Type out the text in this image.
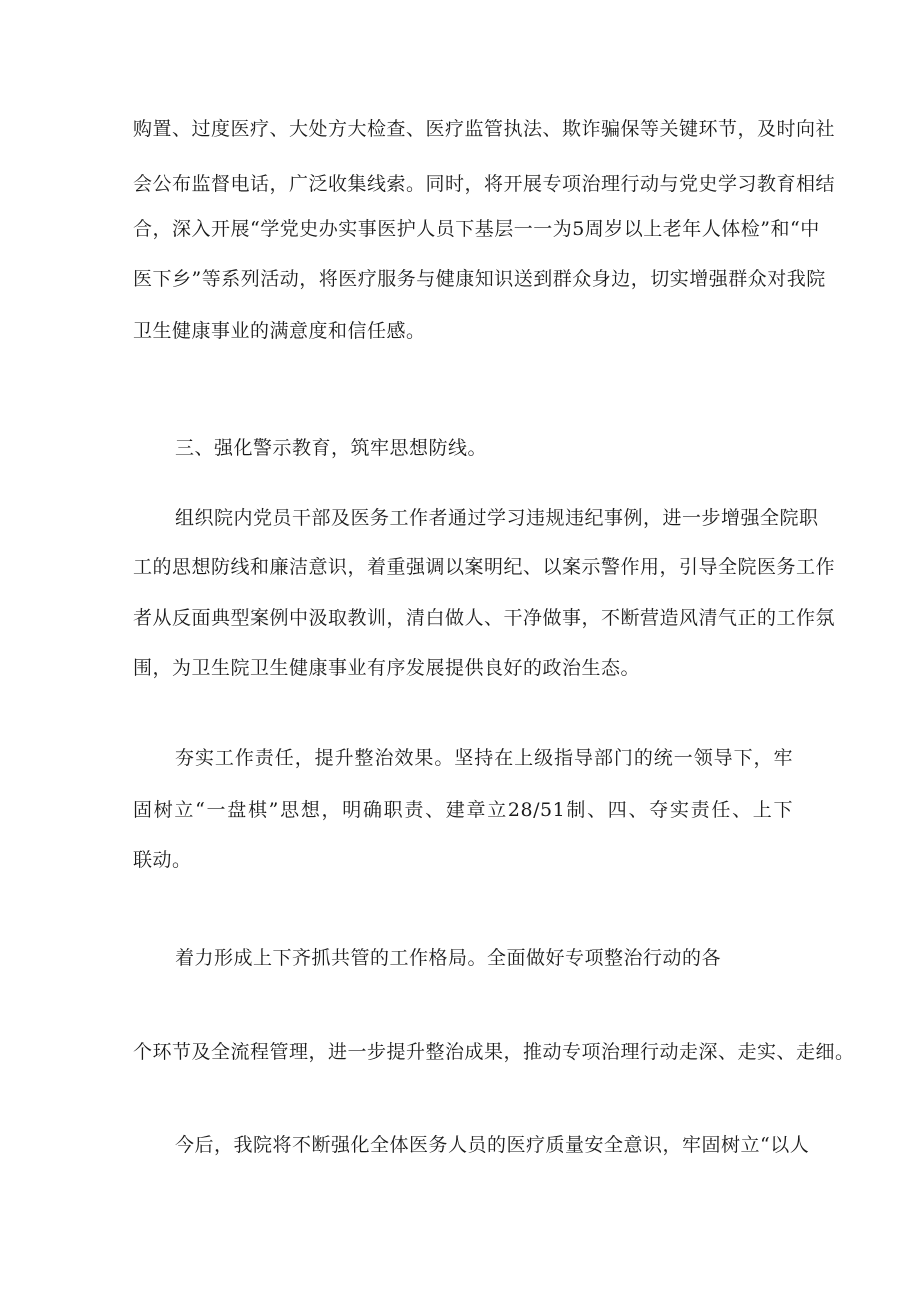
购置、过度医疗、大处方大检查、医疗监管执法、欺诈骗保等关键环节，及时向社
会公布监督电话，广泛收集线索。同时，将开展专项治理行动与党史学习教育相结
合，深入开展“学党史办实事医护人员下基层一一为5周岁以上老年人体检”和“中
医下乡”等系列活动，将医疗服务与健康知识送到群众身边，切实增强群众对我院
卫生健康事业的满意度和信任感。
三、强化警示教育，筑牢思想防线。
组织院内党员干部及医务工作者通过学习违规违纪事例，进一步增强全院职
工的思想防线和廉洁意识，着重强调以案明纪、以案示警作用，引导全院医务工作
者从反面典型案例中汲取教训，清白做人、干净做事，不断营造风清气正的工作氛
围，为卫生院卫生健康事业有序发展提供良好的政治生态。
夯实工作责任，提升整治效果。坚持在上级指导部门的统一领导下，牢
固树立“一盘棋”思想，明确职责、建章立28/51制、四、夺实责任、上下
联动。
着力形成上下齐抓共管的工作格局。全面做好专项整治行动的各
个环节及全流程管理，进一步提升整治成果，推动专项治理行动走深、走实、走细。
今后，我院将不断强化全体医务人员的医疗质量安全意识，牢固树立“以人
